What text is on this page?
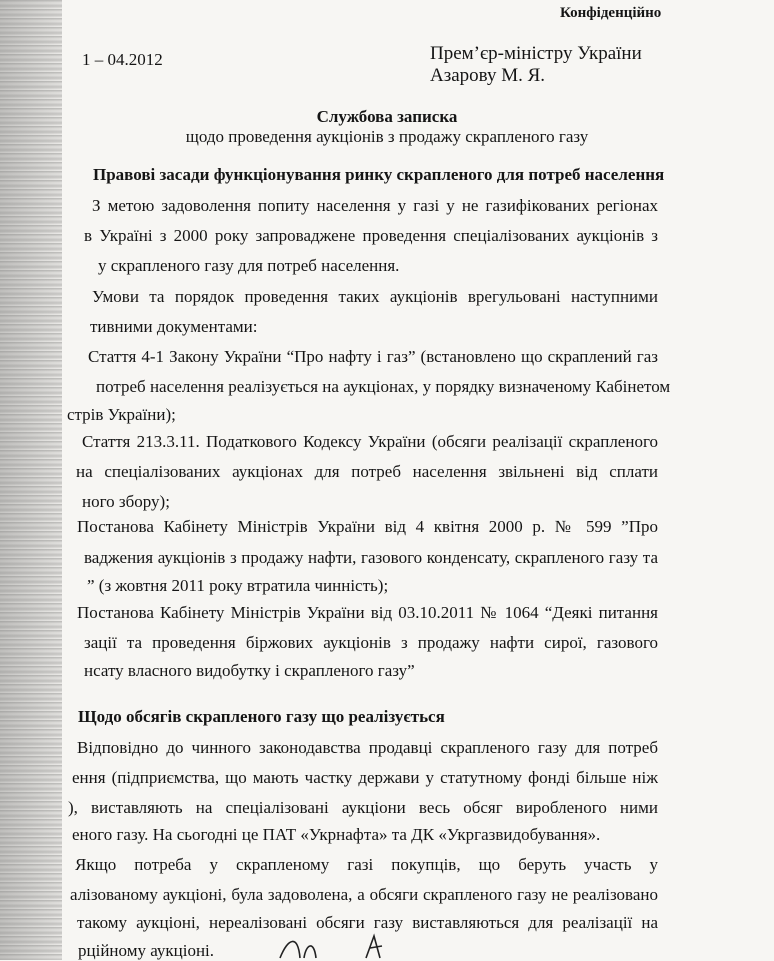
Конфіденційно
1 – 04.2012	Прем’єр-міністру України
Азарову М. Я.
Службова записка
щодо проведення аукціонів з продажу скрапленого газу
Правові засади функціонування ринку скрапленого для потреб населення
З метою задоволення попиту населення у газі у не газифікованих регіонах
в Україні з 2000 року запроваджене проведення спеціалізованих аукціонів з
у скрапленого газу для потреб населення.
Умови та порядок проведення таких аукціонів врегульовані наступними
тивними документами:
Стаття 4-1 Закону України “Про нафту і газ” (встановлено що скраплений газ
потреб населення реалізується на аукціонах, у порядку визначеному Кабінетом
стрів України);
Стаття 213.3.11. Податкового Кодексу України (обсяги реалізації скрапленого
на спеціалізованих аукціонах для потреб населення звільнені від сплати
ного збору);
Постанова Кабінету Міністрів України від 4 квітня 2000 р. № 599 ”Про
ваджения аукціонів з продажу нафти, газового конденсату, скрапленого газу та
” (з жовтня 2011 року втратила чинність);
Постанова Кабінету Міністрів України від 03.10.2011 № 1064 “Деякі питання
зації та проведення біржових аукціонів з продажу нафти сирої, газового
нсату власного видобутку і скрапленого газу”
Щодо обсягів скрапленого газу що реалізується
Відповідно до чинного законодавства продавці скрапленого газу для потреб
ення (підприємства, що мають частку держави у статутному фонді більше ніж
), виставляють на спеціалізовані аукціони весь обсяг виробленого ними
еного газу. На сьогодні це ПАТ «Укрнафта» та ДК «Укргазвидобування».
Якщо потреба у скрапленому газі покупців, що беруть участь у
алізованому аукціоні, була задоволена, а обсяги скрапленого газу не реалізовано
такому аукціоні, нереалізовані обсяги газу виставляються для реалізації на
рційному аукціоні.
